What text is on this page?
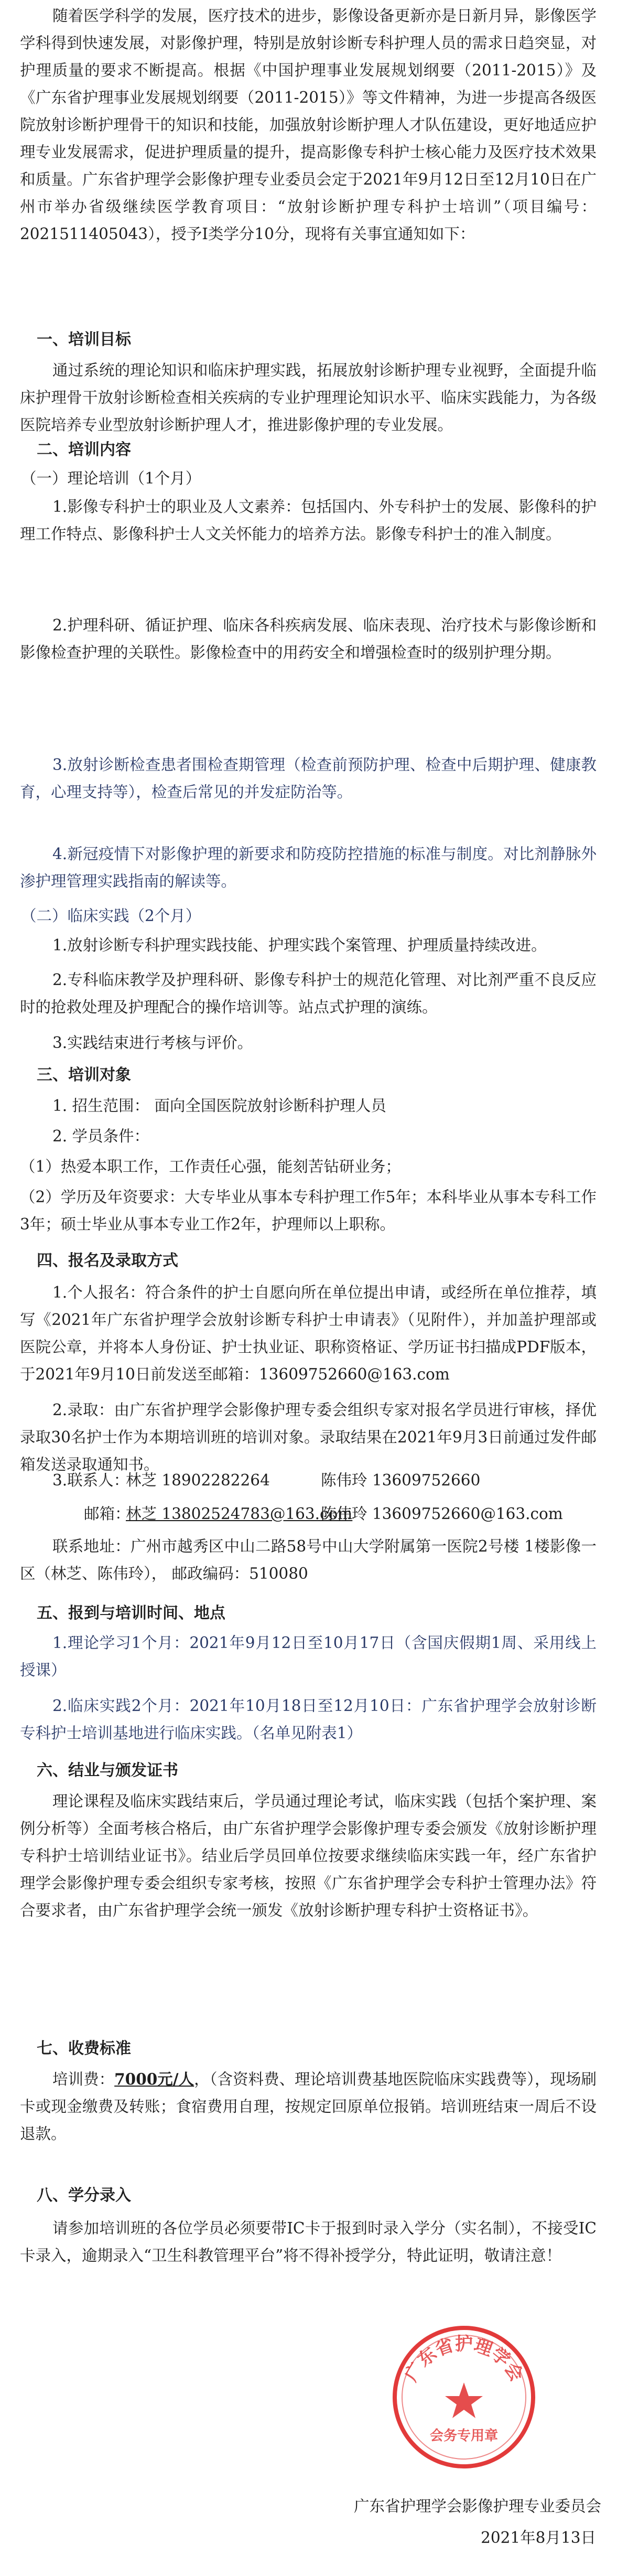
随着医学科学的发展，医疗技术的进步，影像设备更新亦是日新月异，影像医学学科得到快速发展，对影像护理，特别是放射诊断专科护理人员的需求日趋突显，对护理质量的要求不断提高。根据《中国护理事业发展规划纲要（2011-2015）》及《广东省护理事业发展规划纲要（2011-2015）》等文件精神，为进一步提高各级医院放射诊断护理骨干的知识和技能，加强放射诊断护理人才队伍建设，更好地适应护理专业发展需求，促进护理质量的提升，提高影像专科护士核心能力及医疗技术效果和质量。广东省护理学会影像护理专业委员会定于2021年9月12日至12月10日在广州市举办省级继续医学教育项目：“放射诊断护理专科护士培训”（项目编号：2021511405043），授予Ⅰ类学分10分，现将有关事宜通知如下：

一、培训目标

通过系统的理论知识和临床护理实践，拓展放射诊断护理专业视野，全面提升临床护理骨干放射诊断检查相关疾病的专业护理理论知识水平、临床实践能力，为各级医院培养专业型放射诊断护理人才，推进影像护理的专业发展。

二、培训内容

（一）理论培训（1个月）

1.影像专科护士的职业及人文素养：包括国内、外专科护士的发展、影像科的护理工作特点、影像科护士人文关怀能力的培养方法。影像专科护士的准入制度。

2.护理科研、循证护理、临床各科疾病发展、临床表现、治疗技术与影像诊断和影像检查护理的关联性。影像检查中的用药安全和增强检查时的级别护理分期。

3.放射诊断检查患者围检查期管理（检查前预防护理、检查中后期护理、健康教育，心理支持等），检查后常见的并发症防治等。

4.新冠疫情下对影像护理的新要求和防疫防控措施的标准与制度。对比剂静脉外渗护理管理实践指南的解读等。

（二）临床实践（2个月）

1.放射诊断专科护理实践技能、护理实践个案管理、护理质量持续改进。

2.专科临床教学及护理科研、影像专科护士的规范化管理、对比剂严重不良反应时的抢救处理及护理配合的操作培训等。站点式护理的演练。

3.实践结束进行考核与评价。

三、培训对象

1. 招生范围： 面向全国医院放射诊断科护理人员

2. 学员条件：

（1）热爱本职工作，工作责任心强，能刻苦钻研业务；

（2）学历及年资要求：大专毕业从事本专科护理工作5年；本科毕业从事本专科工作3年；硕士毕业从事本专业工作2年，护理师以上职称。

四、报名及录取方式

1.个人报名：符合条件的护士自愿向所在单位提出申请，或经所在单位推荐，填写《2021年广东省护理学会放射诊断专科护士申请表》（见附件），并加盖护理部或医院公章，并将本人身份证、护士执业证、职称资格证、学历证书扫描成PDF版本，于2021年9月10日前发送至邮箱：13609752660@163.com

2.录取：由广东省护理学会影像护理专委会组织专家对报名学员进行审核，择优录取30名护士作为本期培训班的培训对象。录取结果在2021年9月3日前通过发件邮箱发送录取通知书。

3.联系人：

林芝 18902282264	陈伟玲 13609752660

邮箱：

林芝 13802524783@163.com

陈伟玲 13609752660@163.com

联系地址：广州市越秀区中山二路58号中山大学附属第一医院2号楼 1楼影像一区（林芝、陈伟玲）， 邮政编码：510080

五、报到与培训时间、地点

1.理论学习1个月：2021年9月12日至10月17日（含国庆假期1周、采用线上授课）

2.临床实践2个月：2021年10月18日至12月10日：广东省护理学会放射诊断专科护士培训基地进行临床实践。（名单见附表1）

六、结业与颁发证书

理论课程及临床实践结束后，学员通过理论考试，临床实践（包括个案护理、案例分析等）全面考核合格后，由广东省护理学会影像护理专委会颁发《放射诊断护理专科护士培训结业证书》。结业后学员回单位按要求继续临床实践一年，经广东省护理学会影像护理专委会组织专家考核，按照《广东省护理学会专科护士管理办法》符合要求者，由广东省护理学会统一颁发《放射诊断护理专科护士资格证书》。

七、收费标准

培训费：7000元/人，（含资料费、理论培训费基地医院临床实践费等），现场刷卡或现金缴费及转账；食宿费用自理，按规定回原单位报销。培训班结束一周后不设退款。

八、学分录入

请参加培训班的各位学员必须要带IC卡于报到时录入学分（实名制），不接受IC卡录入，逾期录入“卫生科教管理平台”将不得补授学分，特此证明，敬请注意！

广东省护理学会
会务专用章

广东省护理学会影像护理专业委员会

2021年8月13日
